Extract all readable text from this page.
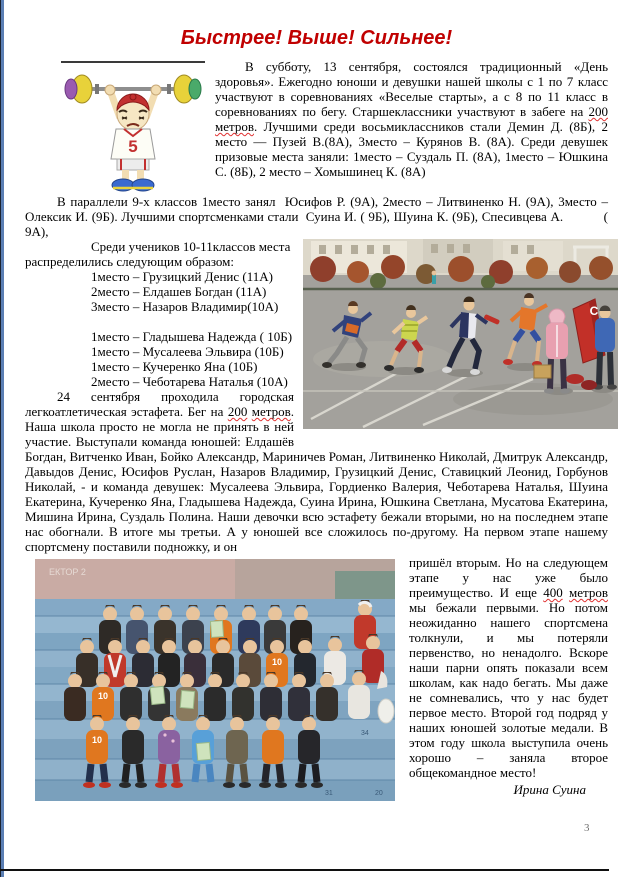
Быстрее! Выше! Сильнее!
5

В субботу, 13 сентября, состоялся традиционный «День здоровья». Ежегодно юноши и девушки нашей школы с 1 по 7 класс участвуют в соревнованиях «Веселые старты», а с 8 по 11 класс в соревнованиях по бегу. Старшеклассники участвуют в забеге на 200 метров. Лучшими среди восьмиклассников стали Демин Д. (8Б), 2 место — Пузей В.(8А), 3место – Курянов В. (8А). Среди девушек призовые места заняли: 1место – Суздаль П. (8А), 1место – Юшкина С. (8Б), 2 место – Хомышинец К. (8А)

В параллели 9-х классов 1место занял  Юсифов Р. (9А), 2место – Литвиненко Н. (9А), 3место – Олексик И. (9Б). Лучшими спортсменками стали  Суина И. ( 9Б), Шуина К. (9Б), Спесивцева А.           ( 9А),

С

Среди учеников 10-11классов места распределились следующим образом:

1место – Грузицкий Денис (11А)
2место – Елдашев Богдан (11А)
3место – Назаров Владимир(10А)
1место – Гладышева Надежда ( 10Б)
1место – Мусалеева Эльвира (10Б)
1место – Кучеренко Яна (10Б)
2место – Чеботарева Наталья (10А)

24 сентября проходила городская легкоатлетическая эстафета. Бег на 200 метров. Наша школа просто не могла не принять в ней участие. Выступали команда юношей: Елдашёв Богдан, Витченко Иван, Бойко Александр, Мариничев Роман, Литвиненко Николай, Дмитрук Александр, Давыдов Денис, Юсифов Руслан, Назаров Владимир, Грузицкий Денис, Ставицкий Леонид, Горбунов Николай, - и команда девушек: Мусалеева Эльвира, Гордиенко Валерия, Чеботарева Наталья, Шуина Екатерина, Кучеренко Яна, Гладышева Надежда, Суина Ирина, Юшкина Светлана, Мусатова Екатерина, Мишина Ирина, Суздаль Полина. Наши девочки всю эстафету бежали вторыми, но на последнем этапе нас обогнали. В итоге мы третьи. А у юношей все сложилось по-другому. На первом этапе нашему спортсмену поставили подножку, и он

ЕКТОР 2
34
31	20
10
10
10

пришёл вторым. Но на следующем этапе у нас уже было преимущество. И еще 400 метров мы бежали первыми. Но потом неожиданно нашего спортсмена толкнули, и мы потеряли первенство, но ненадолго. Вскоре наши парни опять показали всем школам, как надо бегать. Мы даже не сомневались, что у нас будет первое место. Второй год подряд у наших юношей золотые медали. В этом году школа выступила очень хорошо – заняла второе общекомандное место!

Ирина Суина

3
